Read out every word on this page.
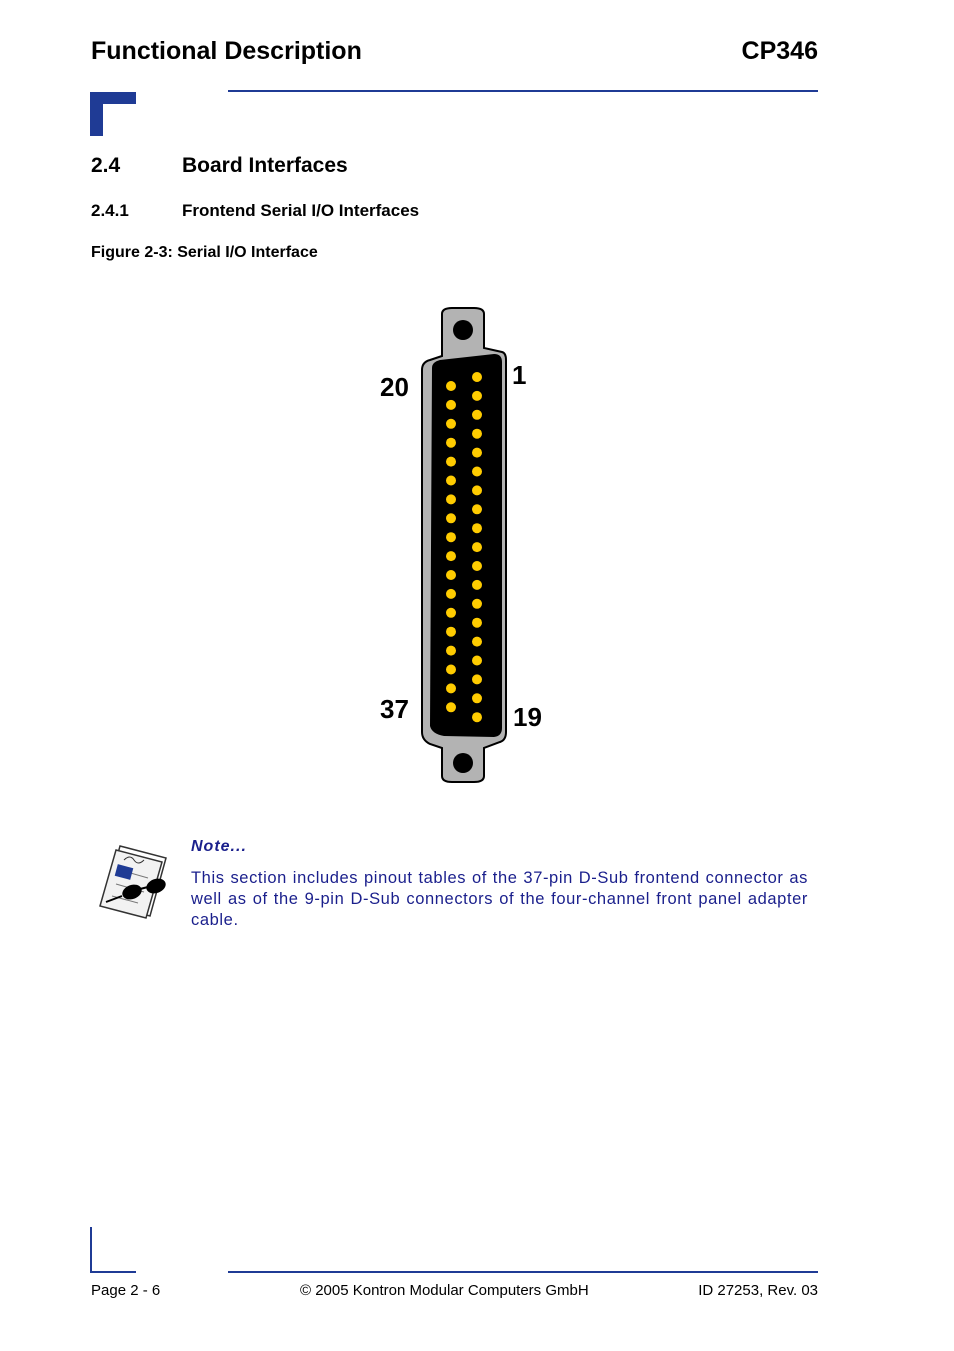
Functional Description	CP346
2.4	Board Interfaces
2.4.1	Frontend Serial I/O Interfaces
Figure 2-3: Serial I/O Interface
20	1
37	19
Note...

This section includes pinout tables of the 37-pin D-Sub frontend connector as well as of the 9-pin D-Sub connectors of the four-channel front panel adapter cable.

Page 2 - 6	© 2005 Kontron Modular Computers GmbH	ID 27253, Rev. 03
